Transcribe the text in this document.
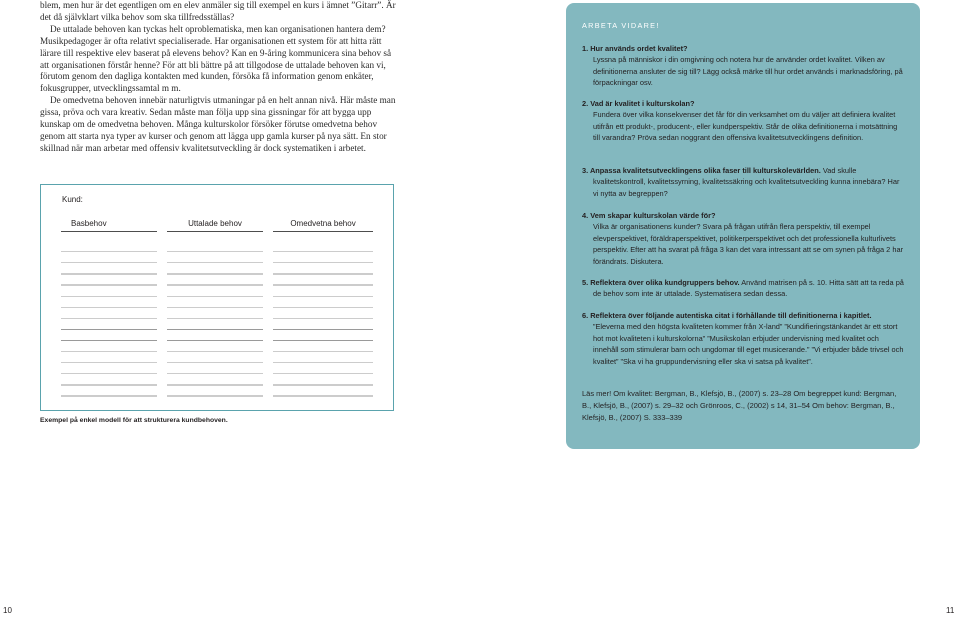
blem, men hur är det egentligen om en elev anmäler sig till exempel en kurs i ämnet ”Gitarr”. Är det då självklart vilka behov som ska tillfredsställas?

De uttalade behoven kan tyckas helt oproblematiska, men kan organisationen hantera dem? Musikpedagoger är ofta relativt specialiserade. Har organisationen ett system för att hitta rätt lärare till respektive elev baserat på elevens behov? Kan en 9-åring kommunicera sina behov så att organisationen förstår henne? För att bli bättre på att tillgodose de uttalade behoven kan vi, förutom genom den dagliga kontakten med kunden, försöka få information genom enkäter, fokusgrupper, utvecklingssamtal m m.

De omedvetna behoven innebär naturligtvis utmaningar på en helt annan nivå. Här måste man gissa, pröva och vara kreativ. Sedan måste man följa upp sina gissningar för att bygga upp kunskap om de omedvetna behoven. Många kulturskolor försöker förutse omedvetna behov genom att starta nya typer av kurser och genom att lägga upp gamla kurser på nya sätt. En stor skillnad när man arbetar med offensiv kvalitetsutveckling är dock systematiken i arbetet.

Kund:
Basbehov	Uttalade behov	Omedvetna behov
Exempel på enkel modell för att strukturera kundbehoven.
10	11
ARBETA VIDARE!
1. Hur används ordet kvalitet?
Lyssna på människor i din omgivning och notera hur de använder ordet kvalitet. Vilken av definitionerna ansluter de sig till? Lägg också märke till hur ordet används i marknadsföring, på förpackningar osv.
2. Vad är kvalitet i kulturskolan?
Fundera över vilka konsekvenser det får för din verksamhet om du väljer att definiera kvalitet utifrån ett produkt-, producent-, eller kundperspektiv. Står de olika definitionerna i motsättning till varandra? Pröva sedan noggrant den offensiva kvalitetsutvecklingens definition.
3. Anpassa kvalitetsutvecklingens olika faser till kulturskolevärlden. Vad skulle kvalitetskontroll, kvalitetssyrning, kvalitetssäkring och kvalitetsutveckling kunna innebära? Har vi nytta av begreppen?
4. Vem skapar kulturskolan värde för?
Vilka är organisationens kunder? Svara på frågan utifrån flera perspektiv, till exempel elevperspektivet, föräldraperspektivet, politikerperspektivet och det professionella kulturlivets perspektiv. Efter att ha svarat på fråga 3 kan det vara intressant att se om synen på fråga 2 har förändrats. Diskutera.
5. Reflektera över olika kundgruppers behov. Använd matrisen på s. 10. Hitta sätt att ta reda på de behov som inte är uttalade. Systematisera sedan dessa.
6. Reflektera över följande autentiska citat i förhållande till definitionerna i kapitlet. ”Eleverna med den högsta kvaliteten kommer från X-land” ”Kundifieringstänkandet är ett stort hot mot kvaliteten i kulturskolorna” ”Musikskolan erbjuder undervisning med kvalitet och innehåll som stimulerar barn och ungdomar till eget musicerande.” ”Vi erbjuder både trivsel och kvalitet” ”Ska vi ha gruppundervisning eller ska vi satsa på kvalitet”.
Läs mer! Om kvalitet: Bergman, B., Klefsjö, B., (2007) s. 23–28 Om begreppet kund: Bergman, B., Klefsjö, B., (2007) s. 29–32 och Grönroos, C., (2002) s 14, 31–54 Om behov: Bergman, B., Klefsjö, B., (2007) S. 333–339
